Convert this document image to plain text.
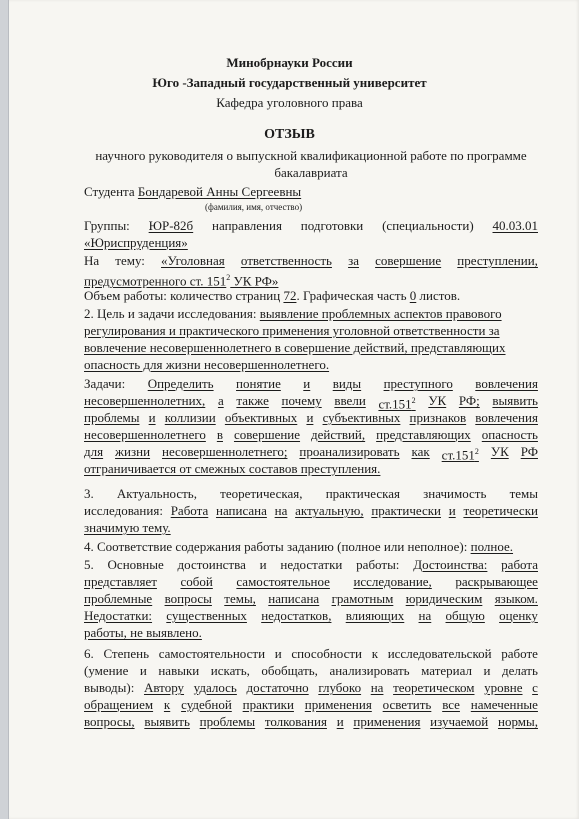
Минобрнауки России
Юго -Западный государственный университет
Кафедра уголовного права
ОТЗЫВ
научного руководителя о выпускной квалификационной работе по программе
бакалавриата
Студента Бондаревой Анны Сергеевны
(фамилия, имя, отчество)
Группы: ЮР-82б направления подготовки (специальности) 40.03.01
«Юриспруденция»
На тему: «Уголовная ответственность за совершение преступлении,
предусмотренного ст. $151^2$ УК РФ»
Объем работы: количество страниц 72. Графическая часть 0 листов.
2. Цель и задачи исследования: выявление проблемных аспектов правового
регулирования и практического применения уголовной ответственности за
вовлечение несовершеннолетнего в совершение действий, представляющих
опасность для жизни несовершеннолетнего.
Задачи: Определить понятие и виды преступного вовлечения
несовершеннолетних, а также почему ввели ст.151$^2$ УК РФ; выявить
проблемы и коллизии объективных и субъективных признаков вовлечения
несовершеннолетнего в совершение действий, представляющих опасность
для жизни несовершеннолетнего; проанализировать как ст.151$^2$ УК РФ
отграничивается от смежных составов преступления.
3. Актуальность, теоретическая, практическая значимость темы
исследования: Работа написана на актуальную, практически и теоретически
значимую тему.
4. Соответствие содержания работы заданию (полное или неполное): полное.
5. Основные достоинства и недостатки работы: Достоинства: работа
представляет собой самостоятельное исследование, раскрывающее
проблемные вопросы темы, написана грамотным юридическим языком.
Недостатки: существенных недостатков, влияющих на общую оценку
работы, не выявлено.
6. Степень самостоятельности и способности к исследовательской работе
(умение и навыки искать, обобщать, анализировать материал и делать
выводы): Автору удалось достаточно глубоко на теоретическом уровне с
обращением к судебной практики применения осветить все намеченные
вопросы, выявить проблемы толкования и применения изучаемой нормы,
